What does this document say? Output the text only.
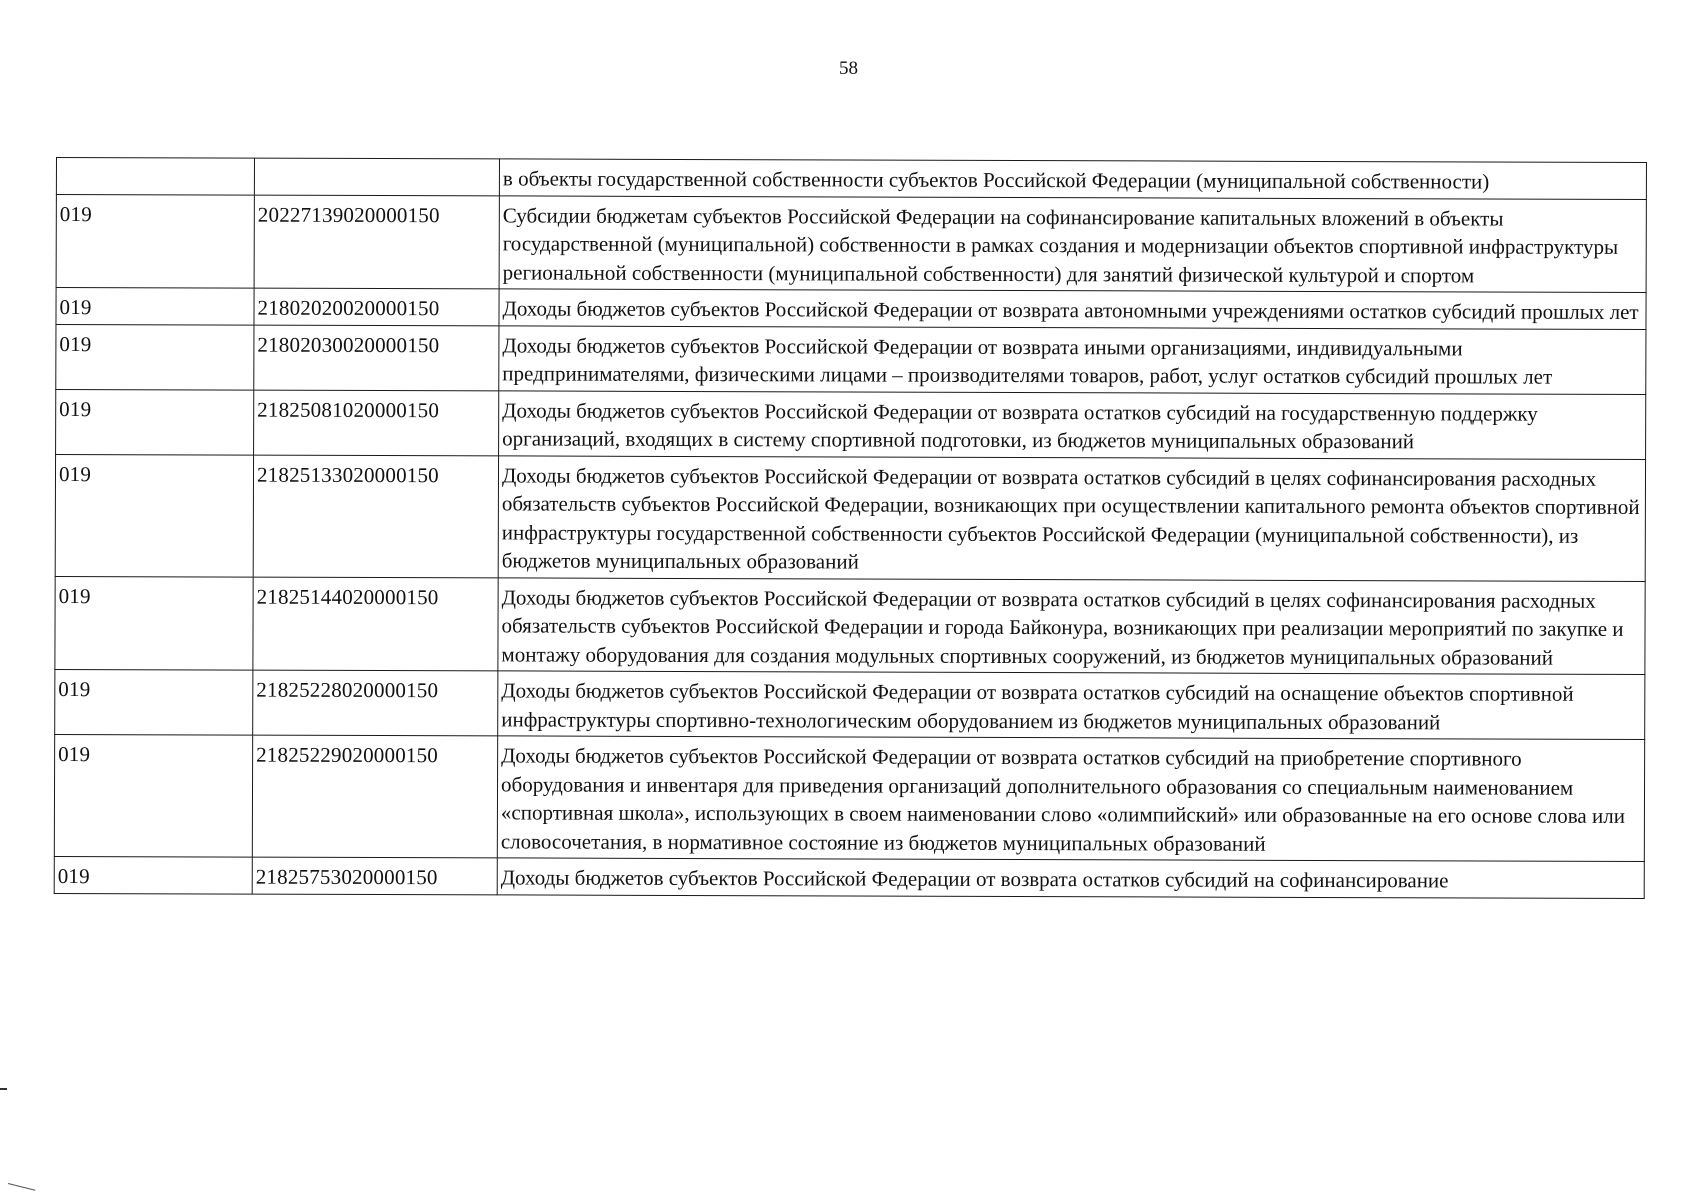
58
		в объекты государственной собственности субъектов Российской Федерации (муниципальной собственности)
019	20227139020000150	Субсидии бюджетам субъектов Российской Федерации на софинансирование капитальных вложений в объекты государственной (муниципальной) собственности в рамках создания и модернизации объектов спортивной инфраструктуры региональной собственности (муниципальной собственности) для занятий физической культурой и спортом
019	21802020020000150	Доходы бюджетов субъектов Российской Федерации от возврата автономными учреждениями остатков субсидий прошлых лет
019	21802030020000150	Доходы бюджетов субъектов Российской Федерации от возврата иными организациями, индивидуальными предпринимателями, физическими лицами – производителями товаров, работ, услуг остатков субсидий прошлых лет
019	21825081020000150	Доходы бюджетов субъектов Российской Федерации от возврата остатков субсидий на государственную поддержку организаций, входящих в систему спортивной подготовки, из бюджетов муниципальных образований
019	21825133020000150	Доходы бюджетов субъектов Российской Федерации от возврата остатков субсидий в целях софинансирования расходных обязательств субъектов Российской Федерации, возникающих при осуществлении капитального ремонта объектов спортивной инфраструктуры государственной собственности субъектов Российской Федерации (муниципальной собственности), из бюджетов муниципальных образований
019	21825144020000150	Доходы бюджетов субъектов Российской Федерации от возврата остатков субсидий в целях софинансирования расходных обязательств субъектов Российской Федерации и города Байконура, возникающих при реализации мероприятий по закупке и монтажу оборудования для создания модульных спортивных сооружений, из бюджетов муниципальных образований
019	21825228020000150	Доходы бюджетов субъектов Российской Федерации от возврата остатков субсидий на оснащение объектов спортивной инфраструктуры спортивно-технологическим оборудованием из бюджетов муниципальных образований
019	21825229020000150	Доходы бюджетов субъектов Российской Федерации от возврата остатков субсидий на приобретение спортивного оборудования и инвентаря для приведения организаций дополнительного образования со специальным наименованием «спортивная школа», использующих в своем наименовании слово «олимпийский» или образованные на его основе слова или словосочетания, в нормативное состояние из бюджетов муниципальных образований
019	21825753020000150	Доходы бюджетов субъектов Российской Федерации от возврата остатков субсидий на софинансирование
